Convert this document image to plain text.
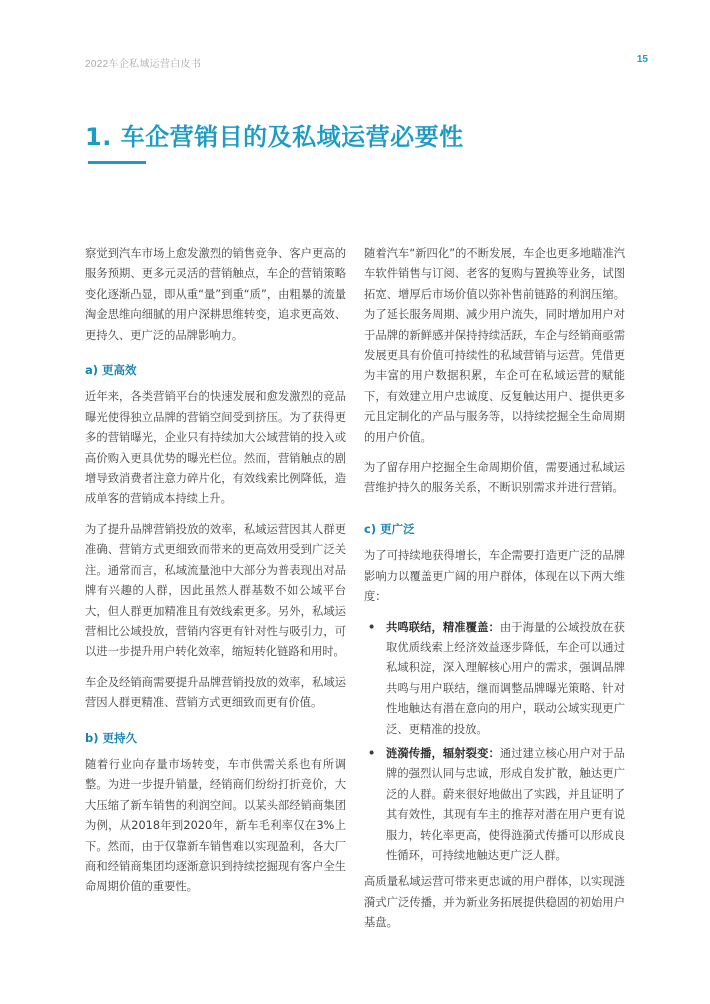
2022车企私域运营白皮书	15
1. 车企营销目的及私域运营必要性

察觉到汽车市场上愈发激烈的销售竞争、客户更高的服务预期、更多元灵活的营销触点，车企的营销策略变化逐渐凸显，即从重“量”到重“质”，由粗暴的流量淘金思维向细腻的用户深耕思维转变，追求更高效、更持久、更广泛的品牌影响力。

a) 更高效

近年来，各类营销平台的快速发展和愈发激烈的竞品曝光使得独立品牌的营销空间受到挤压。为了获得更多的营销曝光，企业只有持续加大公域营销的投入或高价购入更具优势的曝光栏位。然而，营销触点的剧增导致消费者注意力碎片化，有效线索比例降低，造成单客的营销成本持续上升。

为了提升品牌营销投放的效率，私域运营因其人群更准确、营销方式更细致而带来的更高效用受到广泛关注。通常而言，私域流量池中大部分为普表现出对品牌有兴趣的人群，因此虽然人群基数不如公域平台大，但人群更加精准且有效线索更多。另外，私域运营相比公域投放，营销内容更有针对性与吸引力，可以进一步提升用户转化效率，缩短转化链路和用时。

车企及经销商需要提升品牌营销投放的效率，私域运营因人群更精准、营销方式更细致而更有价值。

b) 更持久

随着行业向存量市场转变，车市供需关系也有所调整。为进一步提升销量，经销商们纷纷打折竞价，大大压缩了新车销售的利润空间。以某头部经销商集团为例，从2018年到2020年，新车毛利率仅在3%上下。然而，由于仅靠新车销售难以实现盈利，各大厂商和经销商集团均逐渐意识到持续挖掘现有客户全生命周期价值的重要性。

随着汽车“新四化”的不断发展，车企也更多地瞄准汽车软件销售与订阅、老客的复购与置换等业务，试图拓宽、增厚后市场价值以弥补售前链路的利润压缩。为了延长服务周期、减少用户流失，同时增加用户对于品牌的新鲜感并保持持续活跃，车企与经销商亟需发展更具有价值可持续性的私域营销与运营。凭借更为丰富的用户数据积累，车企可在私域运营的赋能下，有效建立用户忠诚度、反复触达用户、提供更多元且定制化的产品与服务等，以持续挖掘全生命周期的用户价值。

为了留存用户挖掘全生命周期价值，需要通过私域运营维护持久的服务关系，不断识别需求并进行营销。

c) 更广泛

为了可持续地获得增长，车企需要打造更广泛的品牌影响力以覆盖更广阔的用户群体，体现在以下两大维度：

• 共鸣联结，精准覆盖：由于海量的公域投放在获取优质线索上经济效益逐步降低，车企可以通过私域积淀，深入理解核心用户的需求，强调品牌共鸣与用户联结，继而调整品牌曝光策略、针对性地触达有潜在意向的用户，联动公域实现更广泛、更精准的投放。
• 涟漪传播，辐射裂变：通过建立核心用户对于品牌的强烈认同与忠诚，形成自发扩散，触达更广泛的人群。蔚来很好地做出了实践，并且证明了其有效性，其现有车主的推荐对潜在用户更有说服力，转化率更高，使得涟漪式传播可以形成良性循环，可持续地触达更广泛人群。

高质量私域运营可带来更忠诚的用户群体，以实现涟漪式广泛传播，并为新业务拓展提供稳固的初始用户基盘。
